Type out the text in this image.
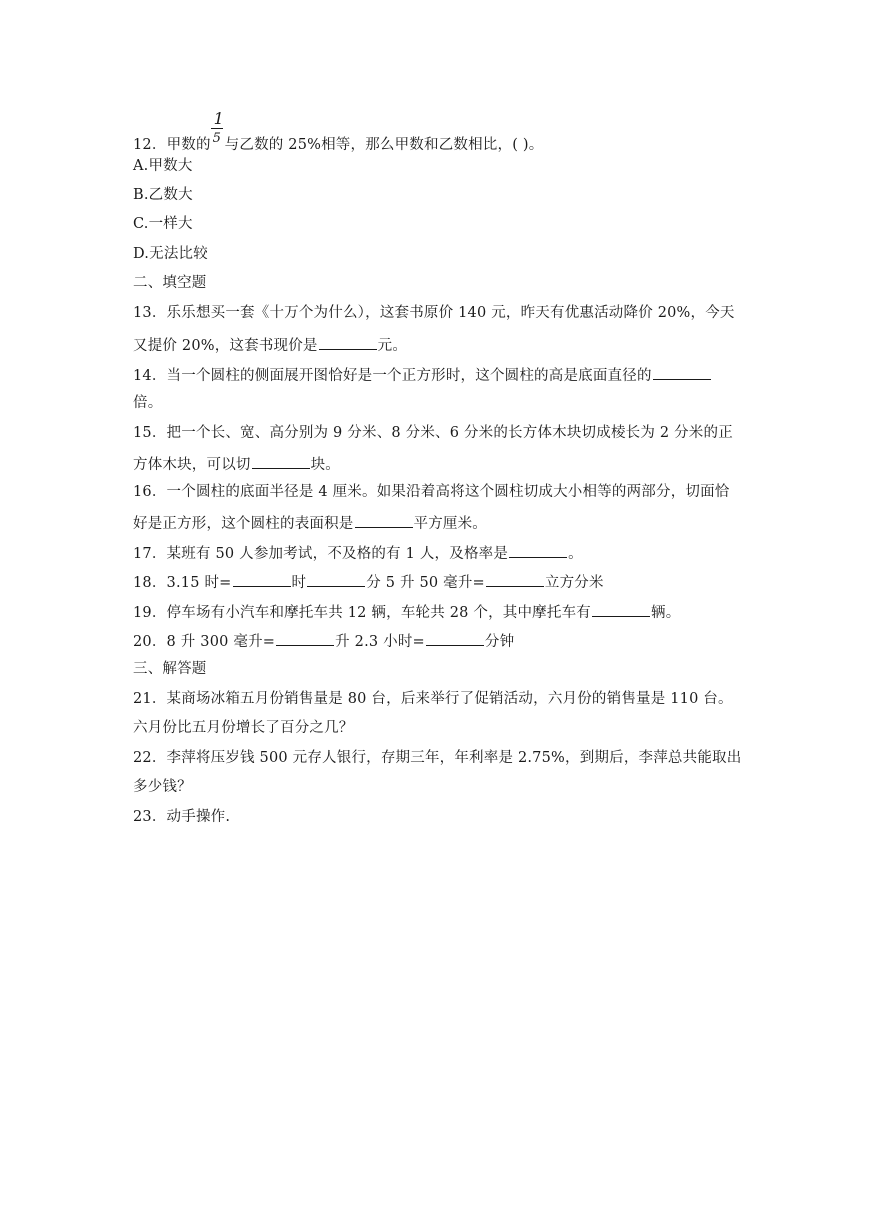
12．甲数的 $\frac{1}{5}$ 与乙数的 25%相等，那么甲数和乙数相比，( )。
A.甲数大
B.乙数大
C.一样大
D.无法比较
二、填空题
13．乐乐想买一套《十万个为什么），这套书原价 140 元，昨天有优惠活动降价 20%，今天
又提价 20%，这套书现价是	元。
14．当一个圆柱的侧面展开图恰好是一个正方形时，这个圆柱的高是底面直径的
倍。
15．把一个长、宽、高分别为 9 分米、8 分米、6 分米的长方体木块切成棱长为 2 分米的正
方体木块，可以切	块。
16．一个圆柱的底面半径是 4 厘米。如果沿着高将这个圆柱切成大小相等的两部分，切面恰
好是正方形，这个圆柱的表面积是	平方厘米。
17．某班有 50 人参加考试，不及格的有 1 人，及格率是	。
18．3.15 时=	时	分 5 升 50 毫升=	立方分米
19．停车场有小汽车和摩托车共 12 辆，车轮共 28 个，其中摩托车有	辆。
20．8 升 300 毫升=	升 2.3 小时=	分钟
三、解答题
21．某商场冰箱五月份销售量是 80 台，后来举行了促销活动，六月份的销售量是 110 台。
六月份比五月份增长了百分之几？
22．李萍将压岁钱 500 元存人银行，存期三年，年利率是 2.75%，到期后，李萍总共能取出
多少钱？
23．动手操作.
